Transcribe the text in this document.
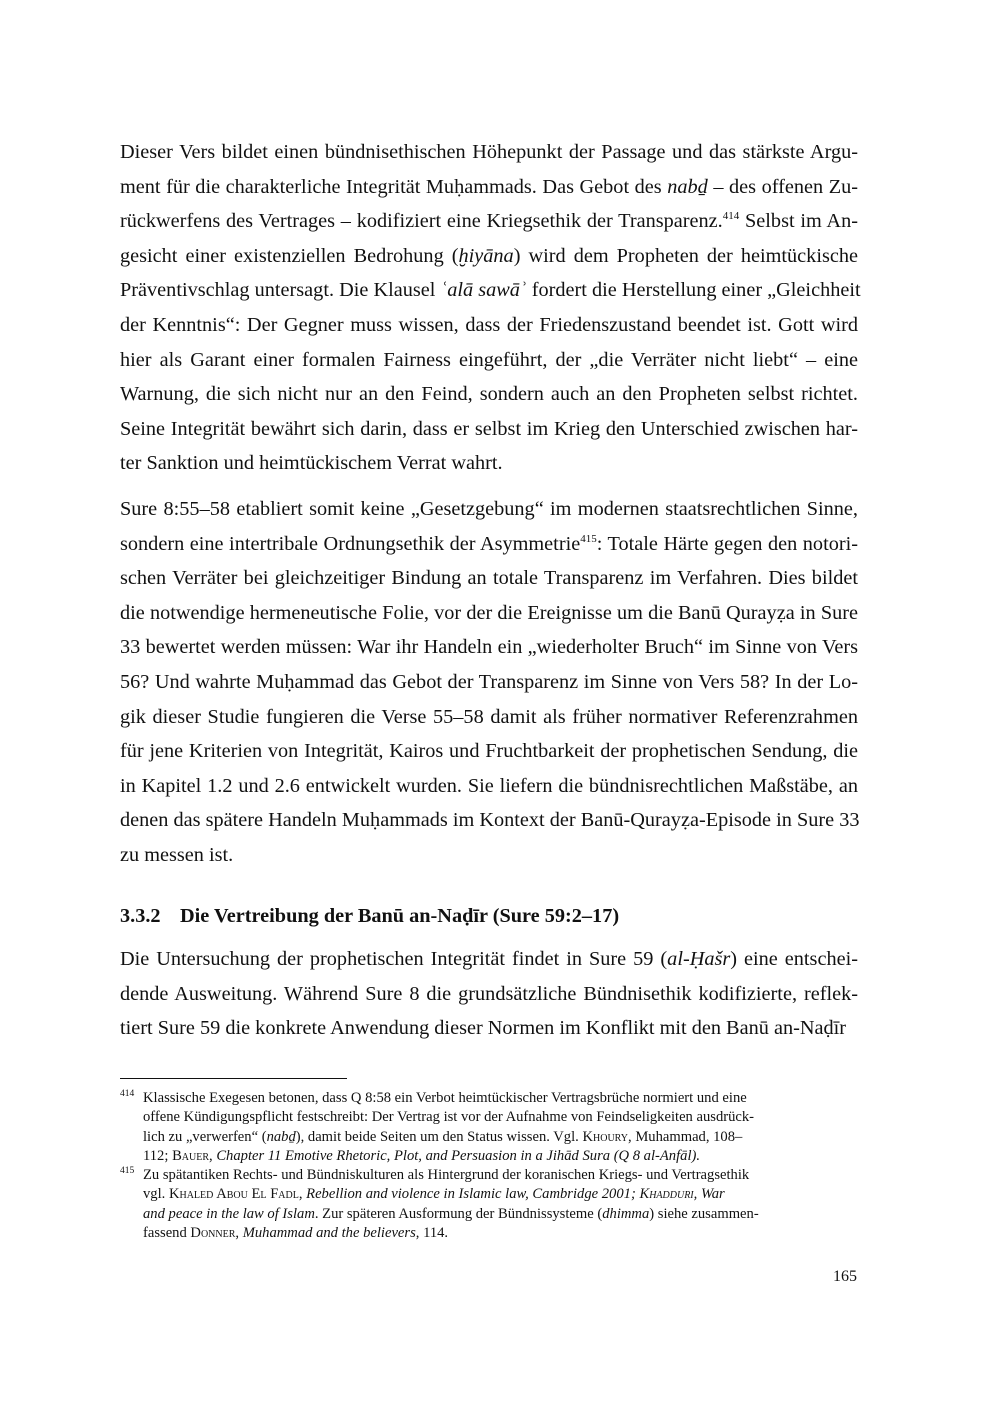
Dieser Vers bildet einen bündnisethischen Höhepunkt der Passage und das stärkste Argu-
ment für die charakterliche Integrität Muḥammads. Das Gebot des nabḏ – des offenen Zu-
rückwerfens des Vertrages – kodifiziert eine Kriegsethik der Transparenz.$^{414}$ Selbst im An-
gesicht einer existenziellen Bedrohung (ḫiyāna) wird dem Propheten der heimtückische
Präventivschlag untersagt. Die Klausel ʿalā sawāʾ fordert die Herstellung einer „Gleichheit
der Kenntnis“: Der Gegner muss wissen, dass der Friedenszustand beendet ist. Gott wird
hier als Garant einer formalen Fairness eingeführt, der „die Verräter nicht liebt“ – eine
Warnung, die sich nicht nur an den Feind, sondern auch an den Propheten selbst richtet.
Seine Integrität bewährt sich darin, dass er selbst im Krieg den Unterschied zwischen har-
ter Sanktion und heimtückischem Verrat wahrt.
Sure 8:55–58 etabliert somit keine „Gesetzgebung“ im modernen staatsrechtlichen Sinne,
sondern eine intertribale Ordnungsethik der Asymmetrie$^{415}$: Totale Härte gegen den notori-
schen Verräter bei gleichzeitiger Bindung an totale Transparenz im Verfahren. Dies bildet
die notwendige hermeneutische Folie, vor der die Ereignisse um die Banū Qurayẓa in Sure
33 bewertet werden müssen: War ihr Handeln ein „wiederholter Bruch“ im Sinne von Vers
56? Und wahrte Muḥammad das Gebot der Transparenz im Sinne von Vers 58? In der Lo-
gik dieser Studie fungieren die Verse 55–58 damit als früher normativer Referenzrahmen
für jene Kriterien von Integrität, Kairos und Fruchtbarkeit der prophetischen Sendung, die
in Kapitel 1.2 und 2.6 entwickelt wurden. Sie liefern die bündnisrechtlichen Maßstäbe, an
denen das spätere Handeln Muḥammads im Kontext der Banū-Qurayẓa-Episode in Sure 33
zu messen ist.
3.3.2 Die Vertreibung der Banū an-Naḍīr (Sure 59:2–17)
Die Untersuchung der prophetischen Integrität findet in Sure 59 (al-Ḥašr) eine entschei-
dende Ausweitung. Während Sure 8 die grundsätzliche Bündnisethik kodifizierte, reflek-
tiert Sure 59 die konkrete Anwendung dieser Normen im Konflikt mit den Banū an-Naḍīr
414 Klassische Exegesen betonen, dass Q 8:58 ein Verbot heimtückischer Vertragsbrüche normiert und eine
offene Kündigungspflicht festschreibt: Der Vertrag ist vor der Aufnahme von Feindseligkeiten ausdrück-
lich zu „verwerfen“ (nabḏ), damit beide Seiten um den Status wissen. Vgl. Khoury, Muhammad, 108–
112; Bauer, Chapter 11 Emotive Rhetoric, Plot, and Persuasion in a Jihād Sura (Q 8 al-Anfāl).
415 Zu spätantiken Rechts- und Bündniskulturen als Hintergrund der koranischen Kriegs- und Vertragsethik
vgl. Khaled Abou El Fadl, Rebellion and violence in Islamic law, Cambridge 2001; Khadduri, War
and peace in the law of Islam. Zur späteren Ausformung der Bündnissysteme (dhimma) siehe zusammen-
fassend Donner, Muhammad and the believers, 114.
165
